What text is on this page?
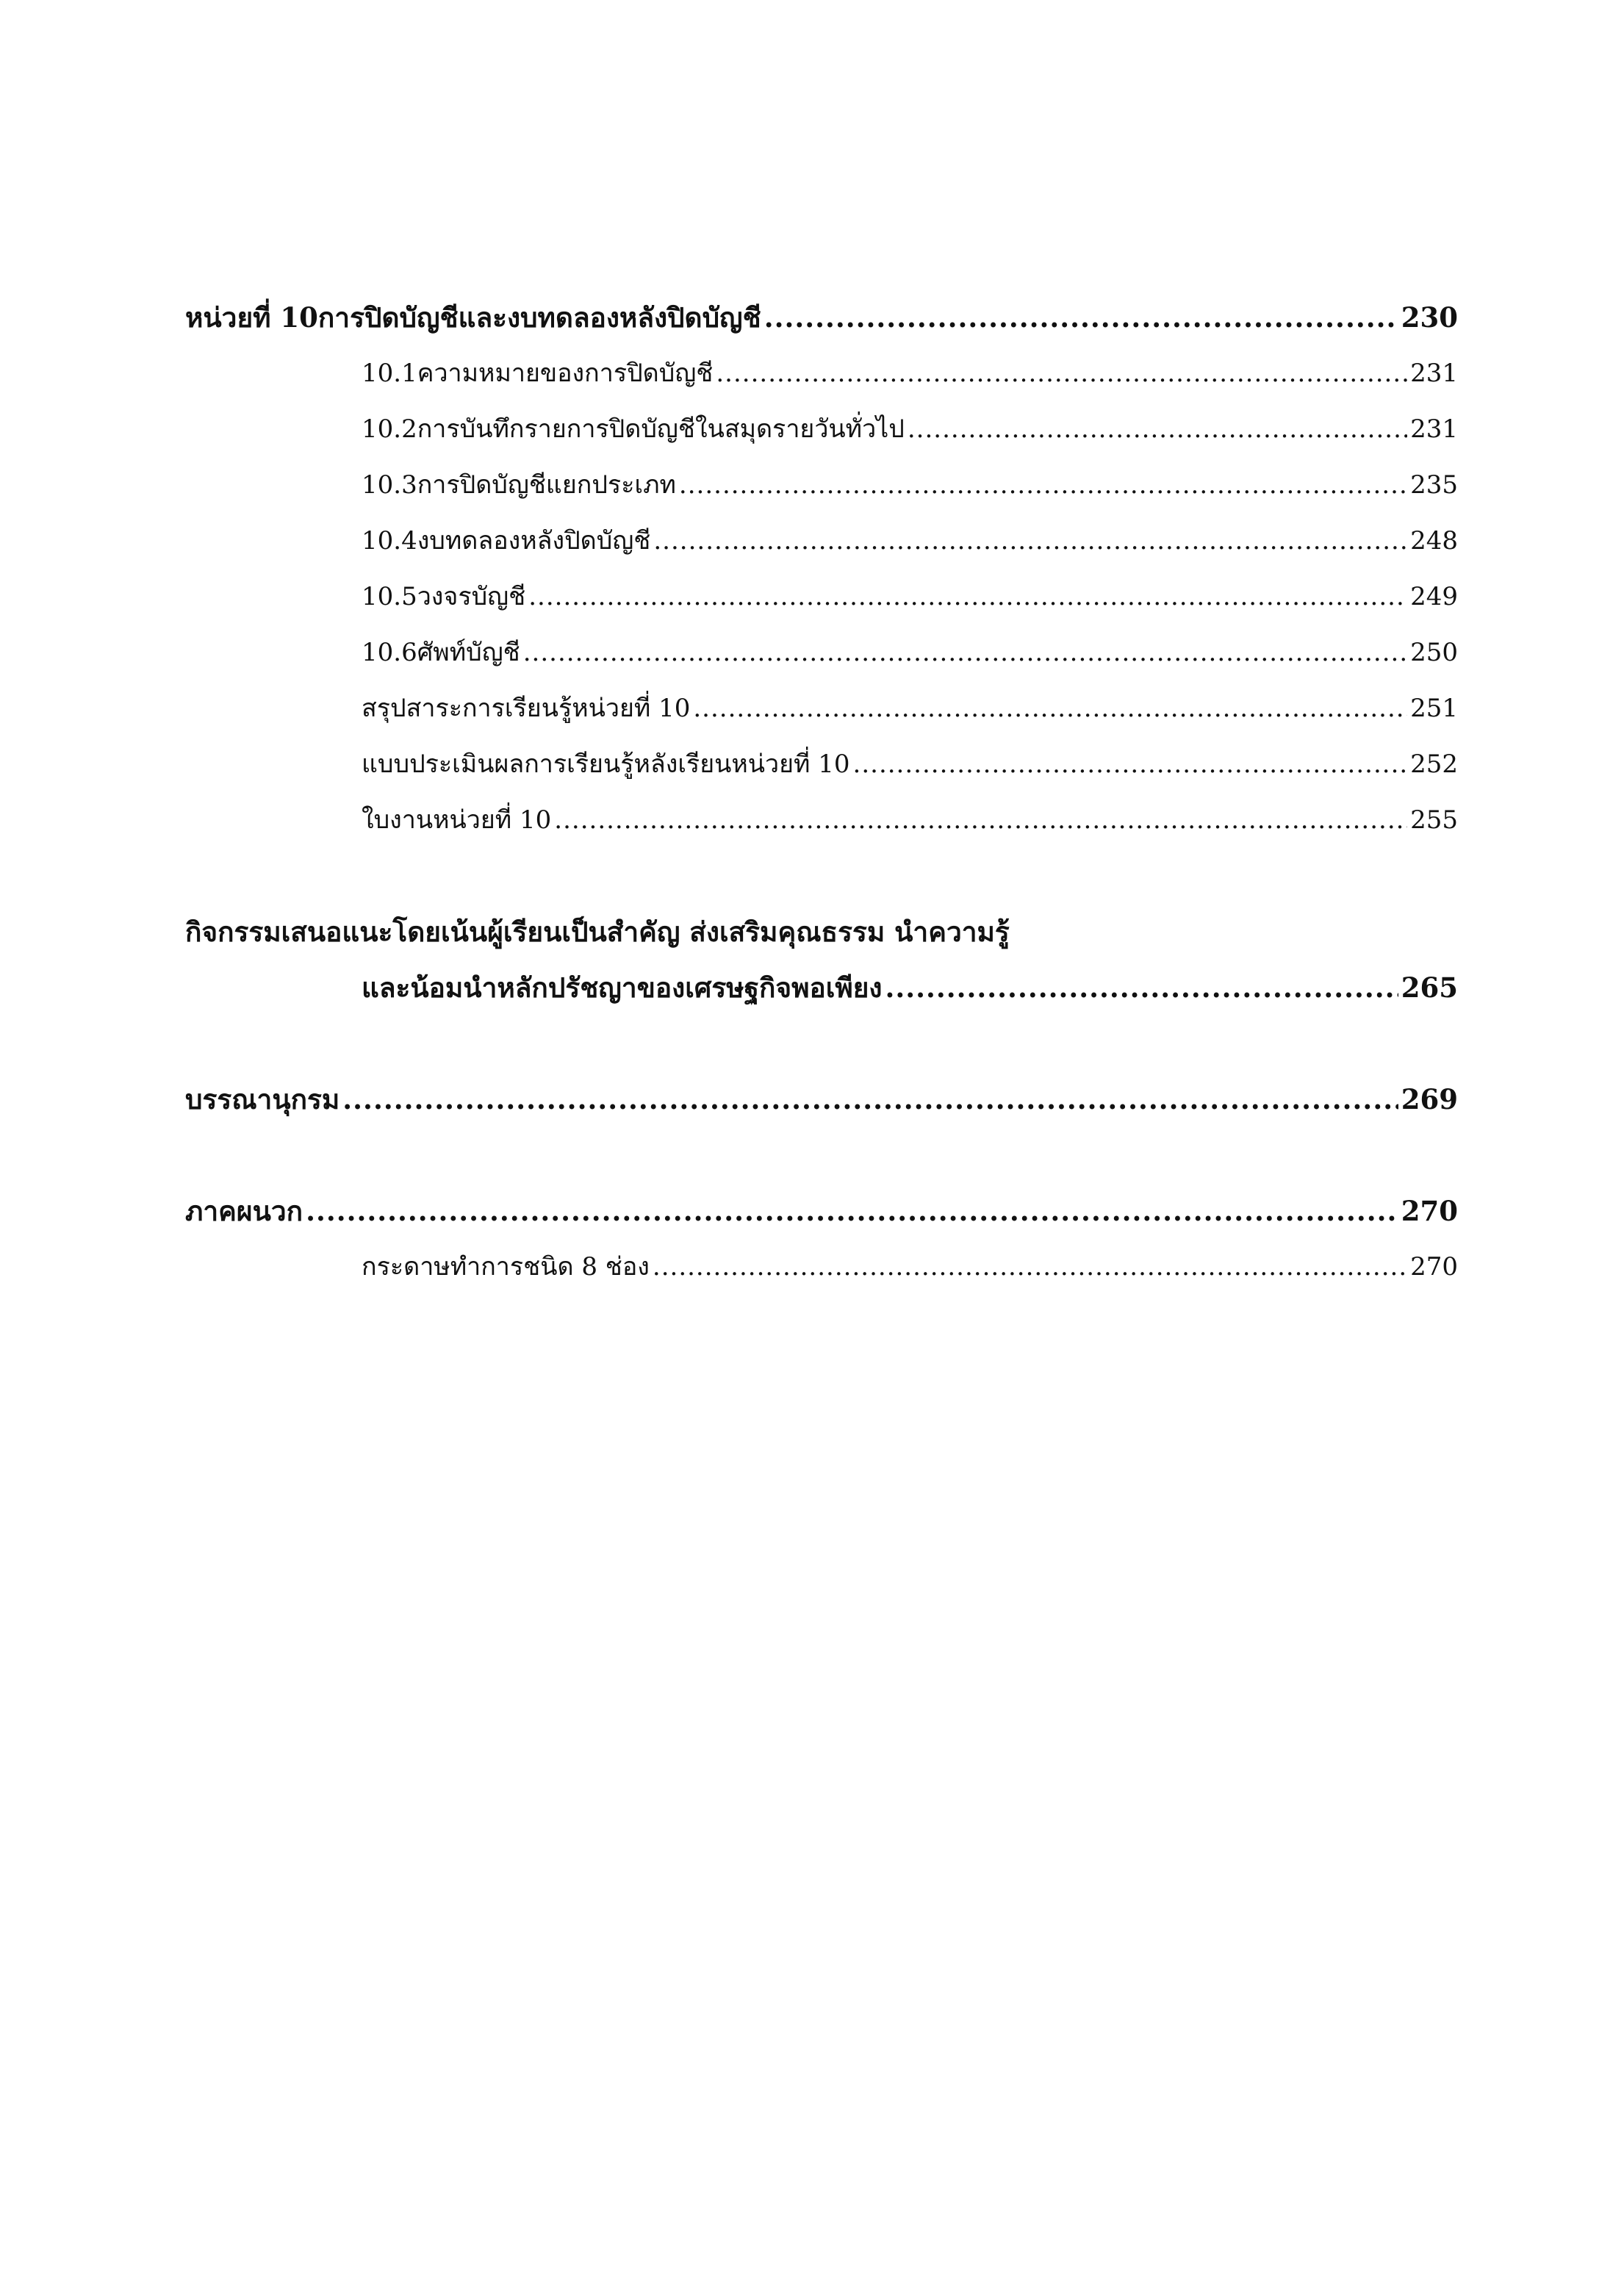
หน่วยที่ 10 การปิดบัญชีและงบทดลองหลังปิดบัญชี .....	230
10.1 ความหมายของการปิดบัญชี .....	231
10.2 การบันทึกรายการปิดบัญชีในสมุดรายวันทั่วไป .....	231
10.3 การปิดบัญชีแยกประเภท .....	235
10.4 งบทดลองหลังปิดบัญชี .....	248
10.5 วงจรบัญชี .....	249
10.6 ศัพท์บัญชี .....	250
สรุปสาระการเรียนรู้หน่วยที่ 10 .....	251
แบบประเมินผลการเรียนรู้หลังเรียนหน่วยที่ 10 .....	252
ใบงานหน่วยที่ 10 .....	255
กิจกรรมเสนอแนะโดยเน้นผู้เรียนเป็นสำคัญ ส่งเสริมคุณธรรม นำความรู้
และน้อมนำหลักปรัชญาของเศรษฐกิจพอเพียง .....	265
บรรณานุกรม .....	269
ภาคผนวก .....	270
กระดาษทำการชนิด 8 ช่อง .....	270
